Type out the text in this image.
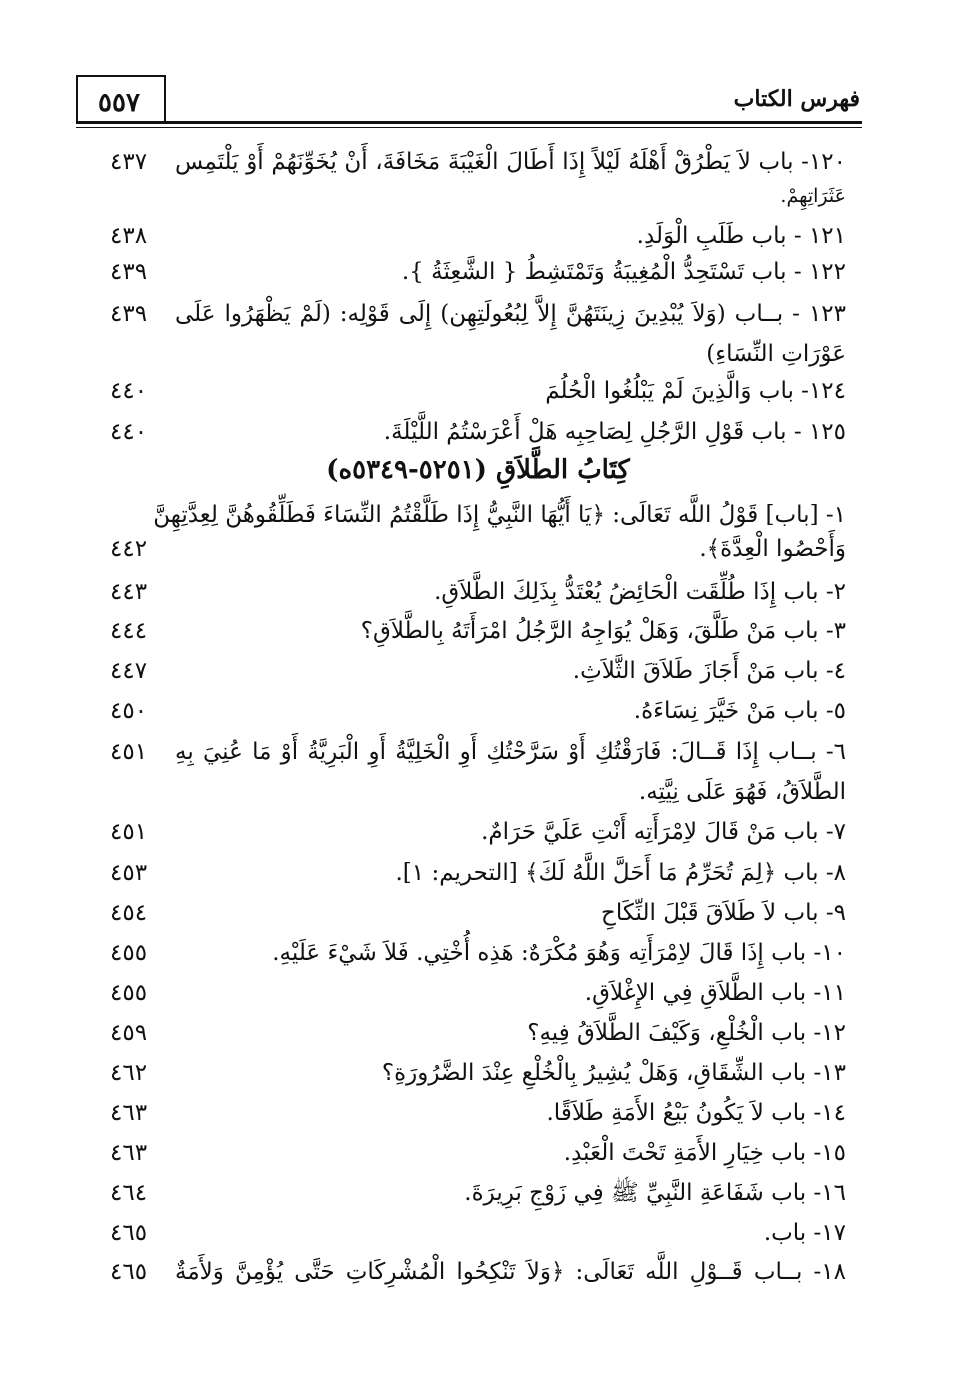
٥٥٧	فهرس الكتاب
١٢٠- باب لاَ يَطْرُقْ أَهْلَهُ لَيْلاً إِذَا أَطَالَ الْغَيْبَةَ مَخَافَةَ، أَنْ يُخَوِّنَهُمْ أَوْ يَلْتَمِس
٤٣٧
عَثَرَاتِهِمْ.
١٢١ - باب طَلَبِ الْوَلَدِ.
٤٣٨
١٢٢ - باب تَسْتَحِدُّ الْمُغِيبَةُ وَتَمْتَشِطُ { الشَّعِثَةُ }.
٤٣٩
١٢٣ - بــاب (وَلاَ يُبْدِينَ زِينَتَهُنَّ إِلاَّ لِبُعُولَتِهِن) إِلَى قَوْلِه: (لَمْ يَظْهَرُوا عَلَى
٤٣٩
عَوْرَاتِ النِّسَاءِ)
١٢٤- باب وَالَّذِينَ لَمْ يَبْلُغُوا الْحُلُمَ
٤٤٠
١٢٥ - باب قَوْلِ الرَّجُلِ لِصَاحِبِه هَلْ أَعْرَسْتُمُ اللَّيْلَةَ.
٤٤٠
كِتَابُ الطَّلاَقِ (٥٢٥١-٥٣٤٩ه)
١- [باب] قَوْلُ اللَّه تَعَالَى: ﴿يَا أَيُّهَا النَّبِيُّ إِذَا طَلَّقْتُمُ النِّسَاءَ فَطَلِّقُوهُنَّ لِعِدَّتِهِنَّ
وَأَحْصُوا الْعِدَّةَ﴾.
٤٤٢
٢- باب إِذَا طُلِّقَت الْحَائِضُ يُعْتَدُّ بِذَلِكَ الطَّلاَقِ.
٤٤٣
٣- باب مَنْ طَلَّقَ، وَهَلْ يُوَاجِهُ الرَّجُلُ امْرَأَتَهُ بِالطَّلاَقِ؟
٤٤٤
٤- باب مَنْ أَجَازَ طَلاَقَ الثَّلاَثِ.
٤٤٧
٥- باب مَنْ خَيَّرَ نِسَاءَهُ.
٤٥٠
٦- بــاب إِذَا قَــالَ: فَارَقْتُكِ أَوْ سَرَّحْتُكِ أَوِ الْخَلِيَّةُ أَوِ الْبَرِيَّةُ أَوْ مَا عُنِيَ بِهِ
٤٥١
الطَّلاَقُ، فَهُوَ عَلَى نِيَّتِه.
٧- باب مَنْ قَالَ لاِمْرَأَتِه أَنْتِ عَلَيَّ حَرَامٌ.
٤٥١
٨- باب ﴿لِمَ تُحَرِّمُ مَا أَحَلَّ اللَّهُ لَكَ﴾ [التحريم: ١].
٤٥٣
٩- باب لاَ طَلاَقَ قَبْلَ النِّكَاحِ
٤٥٤
١٠- باب إِذَا قَالَ لاِمْرَأَتِه وَهُوَ مُكْرَهٌ: هَذِه أُخْتِي. فَلاَ شَيْءَ عَلَيْهِ.
٤٥٥
١١- باب الطَّلاَقِ فِي الإِغْلاَقِ.
٤٥٥
١٢- باب الْخُلْعِ، وَكَيْفَ الطَّلاَقُ فِيهِ؟
٤٥٩
١٣- باب الشِّقَاقِ، وَهَلْ يُشِيرُ بِالْخُلْعِ عِنْدَ الضَّرُورَةِ؟
٤٦٢
١٤- باب لاَ يَكُونُ بَيْعُ الأَمَةِ طَلاَقًا.
٤٦٣
١٥- باب خِيَارِ الأَمَةِ تَحْتَ الْعَبْدِ.
٤٦٣
١٦- باب شَفَاعَةِ النَّبِيِّ ﷺ فِي زَوْجِ بَرِيرَةَ.
٤٦٤
١٧- باب.
٤٦٥
١٨- بــاب قَــوْلِ اللَّه تَعَالَى: ﴿وَلاَ تَنْكِحُوا الْمُشْرِكَاتِ حَتَّى يُؤْمِنَّ وَلأَمَةٌ
٤٦٥
